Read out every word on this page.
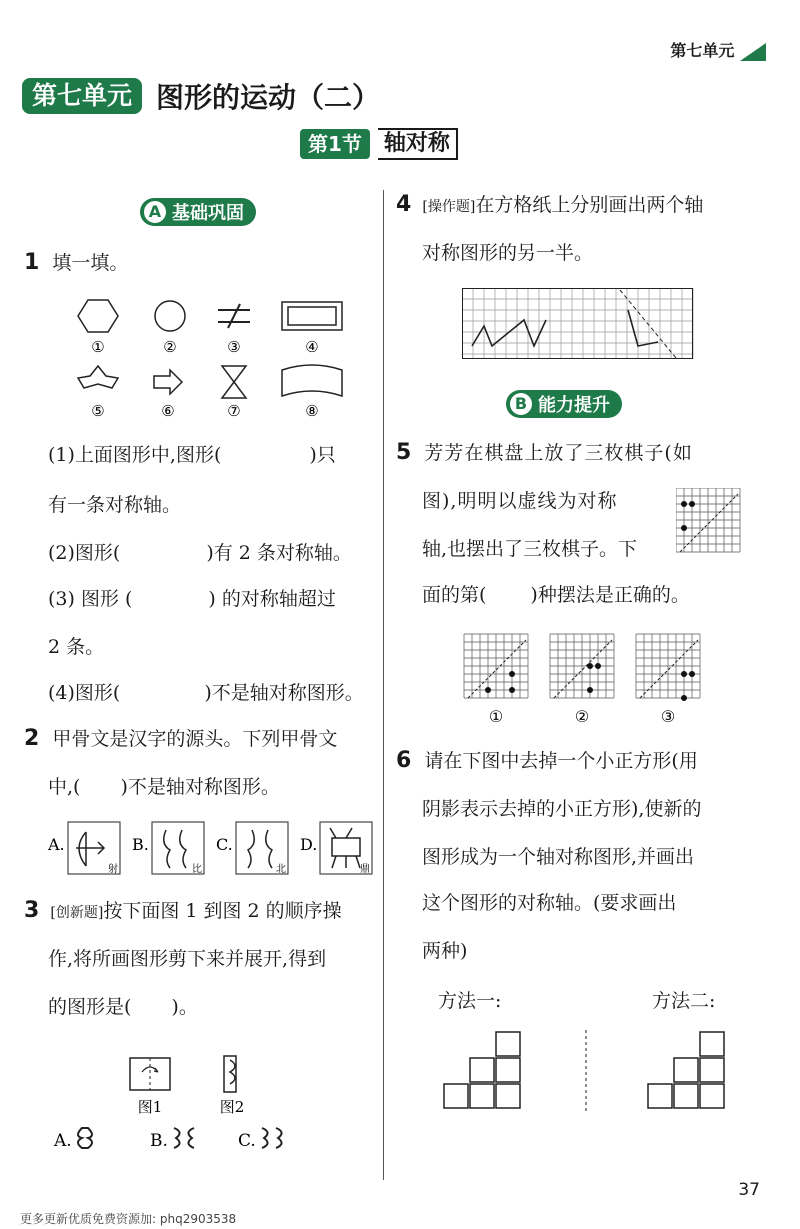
第七单元
第七单元 图形的运动（二）
第1节	轴对称
A 基础巩固
1 填一填。
①	②	③	④
⑤	⑥	⑦	⑧
(1)上面图形中,图形(	)只
有一条对称轴。
(2)图形(	)有 2 条对称轴。
(3) 图形 (	) 的对称轴超过
2 条。
(4)图形(	)不是轴对称图形。
2 甲骨文是汉字的源头。下列甲骨文
中,( )不是轴对称图形。
A.
射
B.
比
C.
北
D.
鼎
3 [创新题]按下面图 1 到图 2 的顺序操
作,将所画图形剪下来并展开,得到
的图形是( )。
图1	图2
A.	B.	C.
4 [操作题]在方格纸上分别画出两个轴
对称图形的另一半。
B 能力提升
5 芳芳在棋盘上放了三枚棋子(如
图),明明以虚线为对称
轴,也摆出了三枚棋子。下
面的第( )种摆法是正确的。
①	②	③
6 请在下图中去掉一个小正方形(用
阴影表示去掉的小正方形),使新的
图形成为一个轴对称图形,并画出
这个图形的对称轴。(要求画出
两种)
方法一:	方法二:
37
更多更新优质免费资源加: phq2903538
